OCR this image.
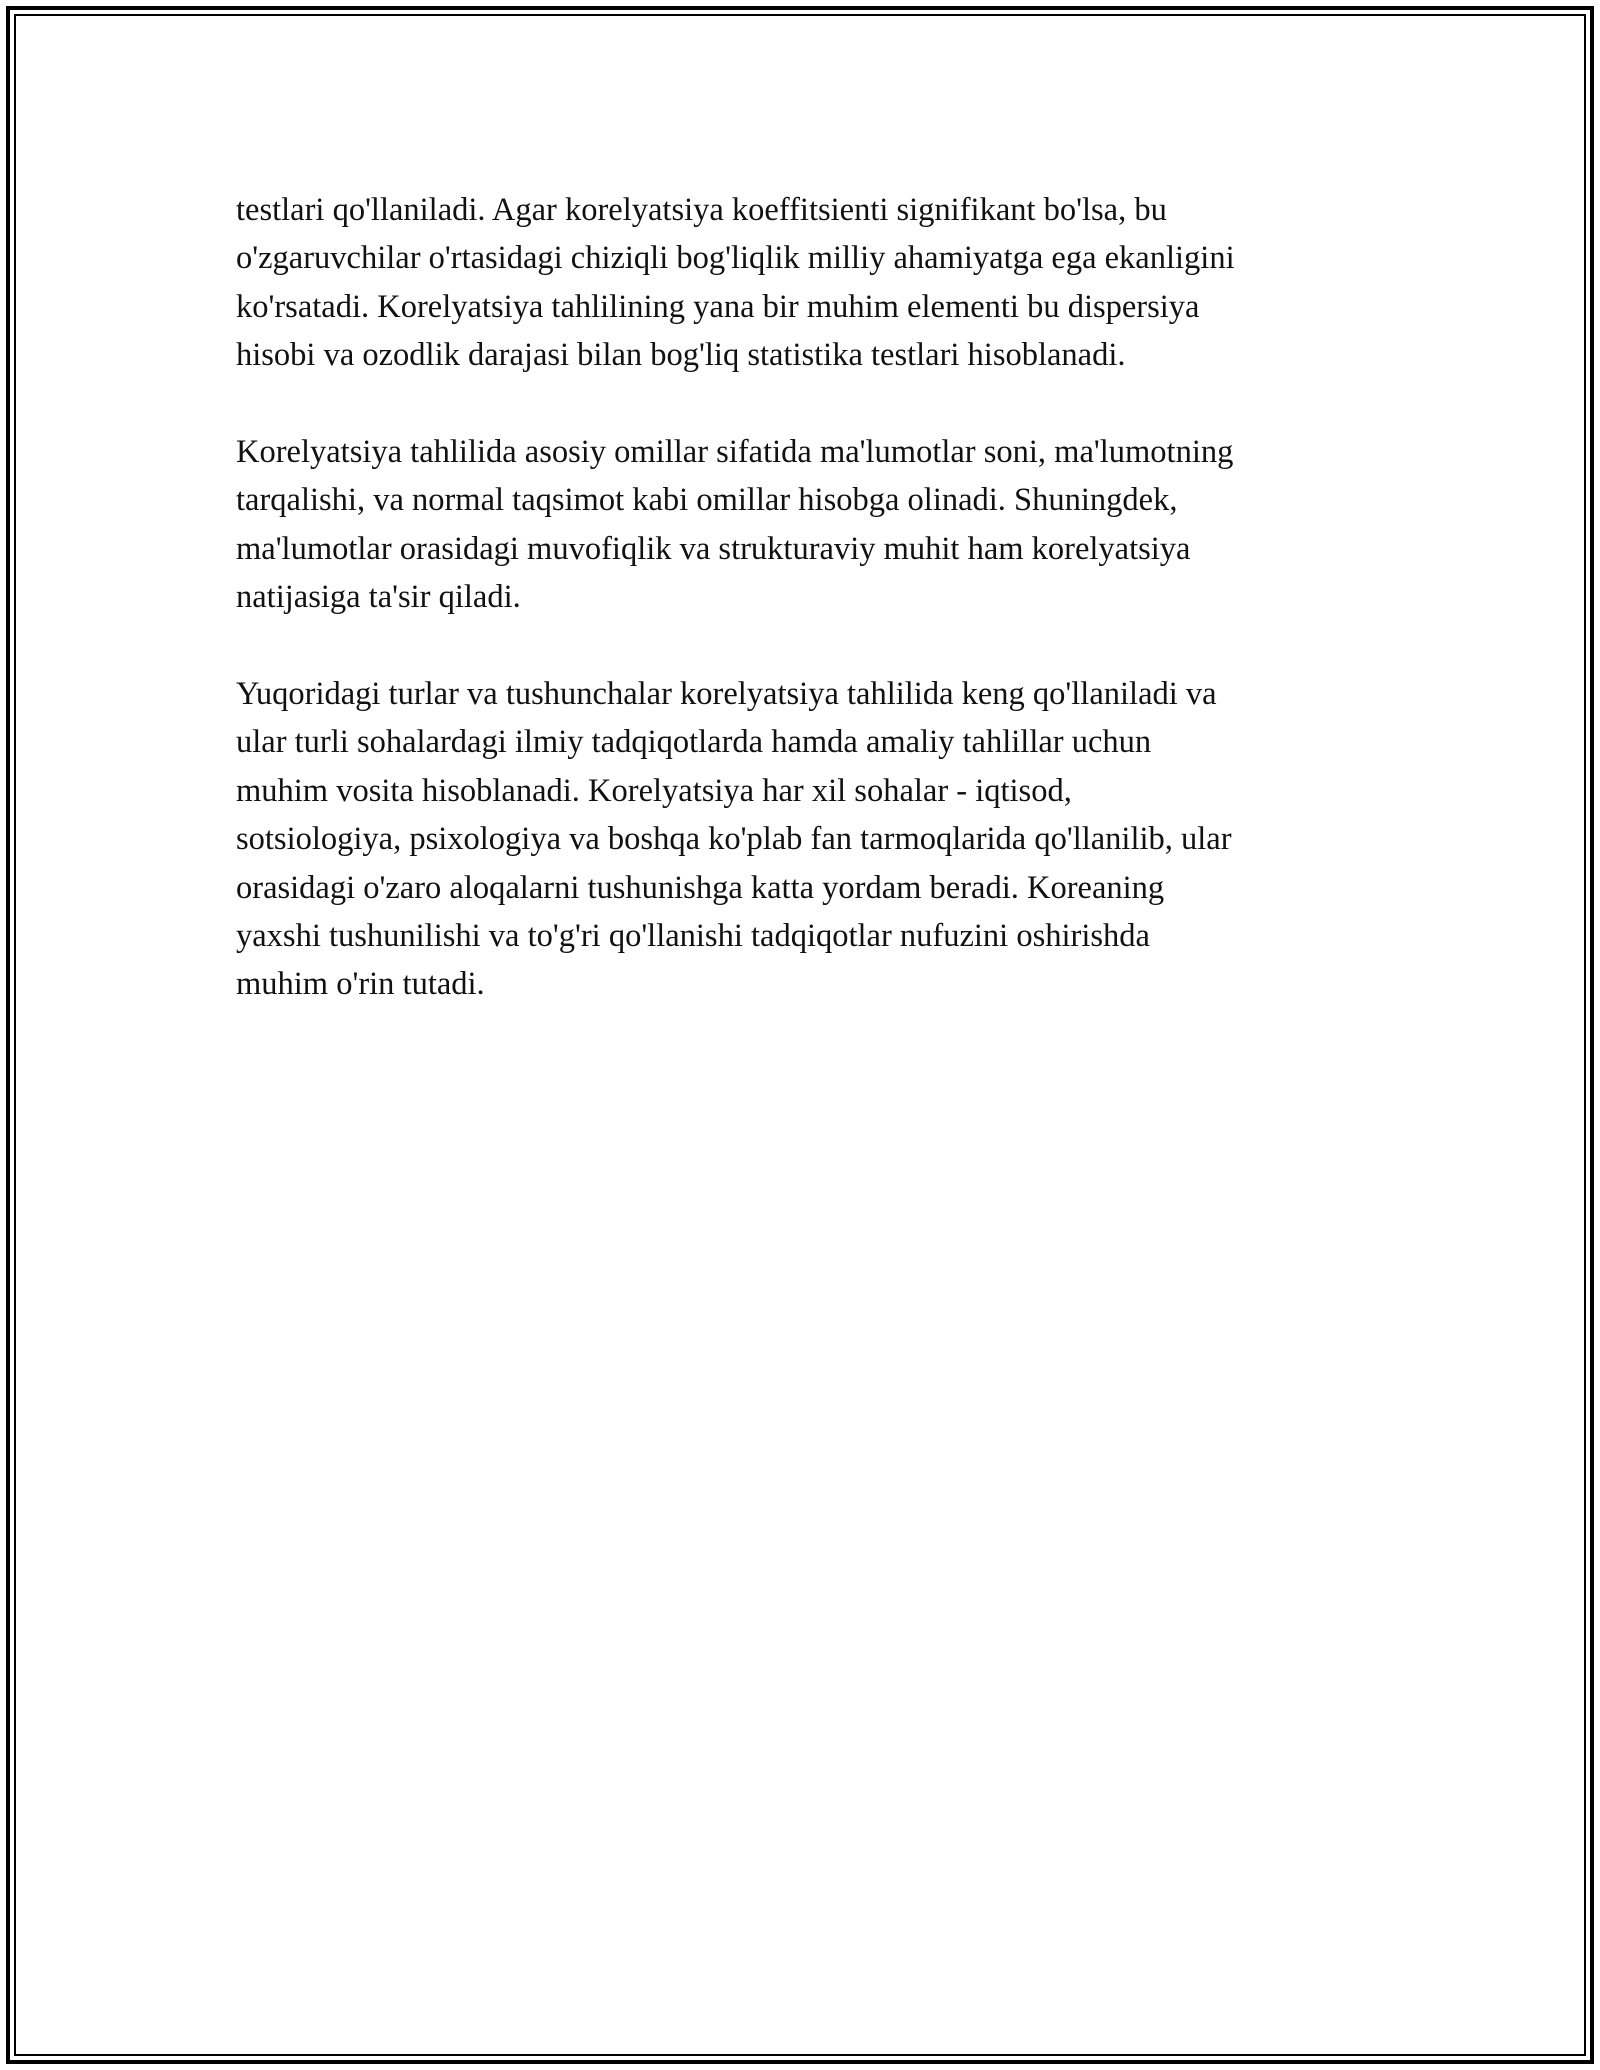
testlari qo'llaniladi. Agar korelyatsiya koeffitsienti signifikant bo'lsa, bu
o'zgaruvchilar o'rtasidagi chiziqli bog'liqlik milliy ahamiyatga ega ekanligini
ko'rsatadi. Korelyatsiya tahlilining yana bir muhim elementi bu dispersiya
hisobi va ozodlik darajasi bilan bog'liq statistika testlari hisoblanadi.

Korelyatsiya tahlilida asosiy omillar sifatida ma'lumotlar soni, ma'lumotning
tarqalishi, va normal taqsimot kabi omillar hisobga olinadi. Shuningdek,
ma'lumotlar orasidagi muvofiqlik va strukturaviy muhit ham korelyatsiya
natijasiga ta'sir qiladi.

Yuqoridagi turlar va tushunchalar korelyatsiya tahlilida keng qo'llaniladi va
ular turli sohalardagi ilmiy tadqiqotlarda hamda amaliy tahlillar uchun
muhim vosita hisoblanadi. Korelyatsiya har xil sohalar - iqtisod,
sotsiologiya, psixologiya va boshqa ko'plab fan tarmoqlarida qo'llanilib, ular
orasidagi o'zaro aloqalarni tushunishga katta yordam beradi. Koreaning
yaxshi tushunilishi va to'g'ri qo'llanishi tadqiqotlar nufuzini oshirishda
muhim o'rin tutadi.
